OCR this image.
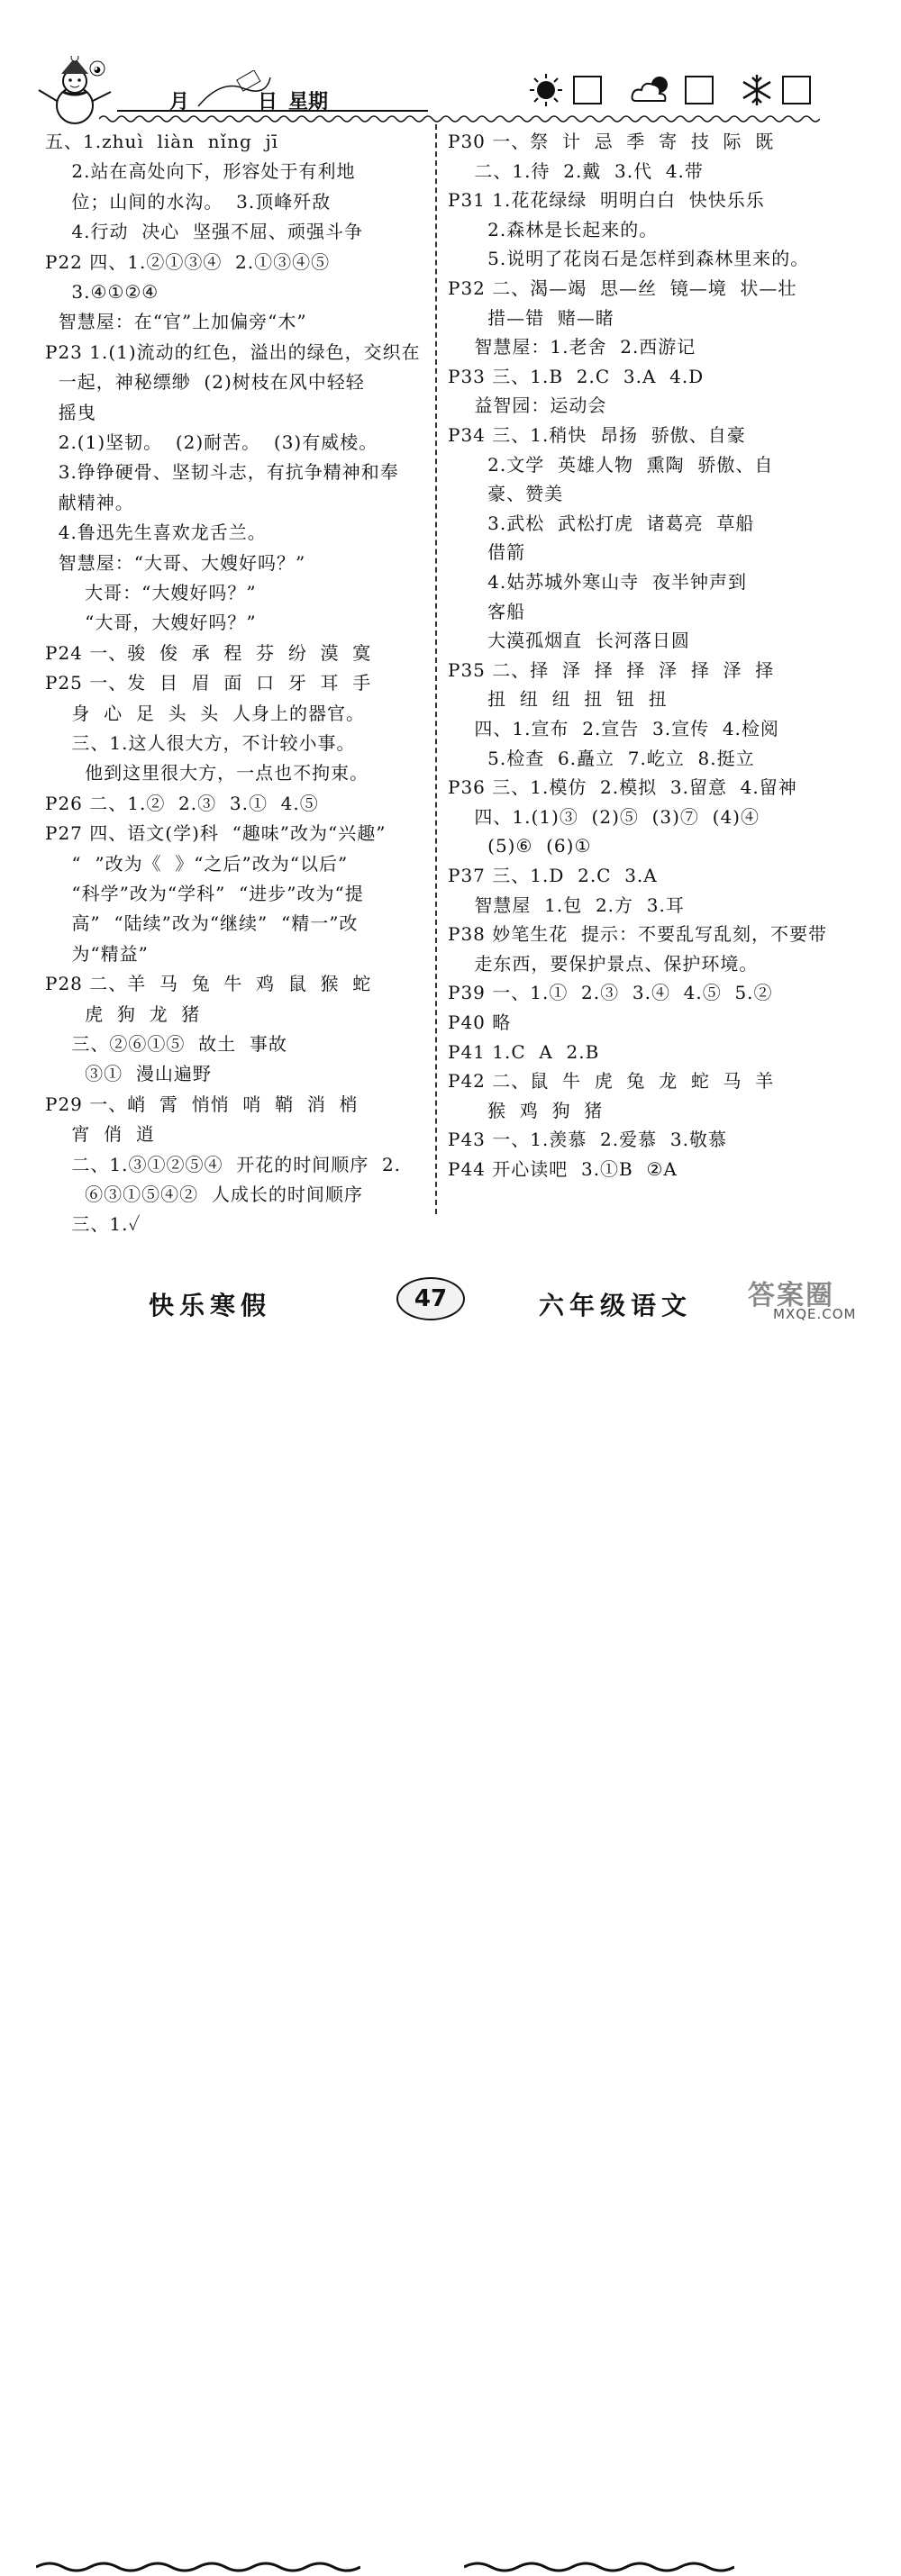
◕
月	日 星期
五、1.zhuì  liàn  nǐng  jī
2.站在高处向下，形容处于有利地
位；山间的水沟。  3.顶峰歼敌
4.行动  决心  坚强不屈、顽强斗争
P22 四、1.②①③④  2.①③④⑤
3.④①②④
智慧屋：在“官”上加偏旁“木”
P23 1.(1)流动的红色，溢出的绿色，交织在
一起，神秘缥缈  (2)树枝在风中轻轻
摇曳
2.(1)坚韧。  (2)耐苦。  (3)有威棱。
3.铮铮硬骨、坚韧斗志，有抗争精神和奉
献精神。
4.鲁迅先生喜欢龙舌兰。
智慧屋：“大哥、大嫂好吗？”
大哥：“大嫂好吗？”
“大哥，大嫂好吗？”
P24 一、骏  俊  承  程  芬  纷  漠  寞
P25 一、发  目  眉  面  口  牙  耳  手
身  心  足  头  头  人身上的器官。
三、1.这人很大方，不计较小事。
他到这里很大方，一点也不拘束。
P26 二、1.②  2.③  3.①  4.⑤
P27 四、语文(学)科  “趣味”改为“兴趣”
“  ”改为《  》“之后”改为“以后”
“科学”改为“学科”  “进步”改为“提
高”  “陆续”改为“继续”  “精一”改
为“精益”
P28 二、羊  马  兔  牛  鸡  鼠  猴  蛇
虎  狗  龙  猪
三、②⑥①⑤  故土  事故
③①  漫山遍野
P29 一、峭  霄  悄悄  哨  鞘  消  梢
宵  俏  逍
二、1.③①②⑤④  开花的时间顺序  2.
⑥③①⑤④②  人成长的时间顺序
三、1.✓
P30 一、祭  计  忌  季  寄  技  际  既
二、1.待  2.戴  3.代  4.带
P31 1.花花绿绿  明明白白  快快乐乐
2.森林是长起来的。
5.说明了花岗石是怎样到森林里来的。
P32 二、渴—竭  思—丝  镜—境  状—壮
措—错  赌—睹
智慧屋：1.老舍  2.西游记
P33 三、1.B  2.C  3.A  4.D
益智园：运动会
P34 三、1.稍快  昂扬  骄傲、自豪
2.文学  英雄人物  熏陶  骄傲、自
豪、赞美
3.武松  武松打虎  诸葛亮  草船
借箭
4.姑苏城外寒山寺  夜半钟声到
客船
大漠孤烟直  长河落日圆
P35 二、择  泽  择  择  泽  择  泽  择
扭  纽  纽  扭  钮  扭
四、1.宣布  2.宣告  3.宣传  4.检阅
5.检查  6.矗立  7.屹立  8.挺立
P36 三、1.模仿  2.模拟  3.留意  4.留神
四、1.(1)③  (2)⑤  (3)⑦  (4)④
(5)⑥  (6)①
P37 三、1.D  2.C  3.A
智慧屋  1.包  2.方  3.耳
P38 妙笔生花  提示：不要乱写乱刻，不要带
走东西，要保护景点、保护环境。
P39 一、1.①  2.③  3.④  4.⑤  5.②
P40 略
P41 1.C  A  2.B
P42 二、鼠  牛  虎  兔  龙  蛇  马  羊
猴  鸡  狗  猪
P43 一、1.羡慕  2.爱慕  3.敬慕
P44 开心读吧  3.①B  ②A
快乐寒假	47	六年级语文 答案圈
MXQE.COM
